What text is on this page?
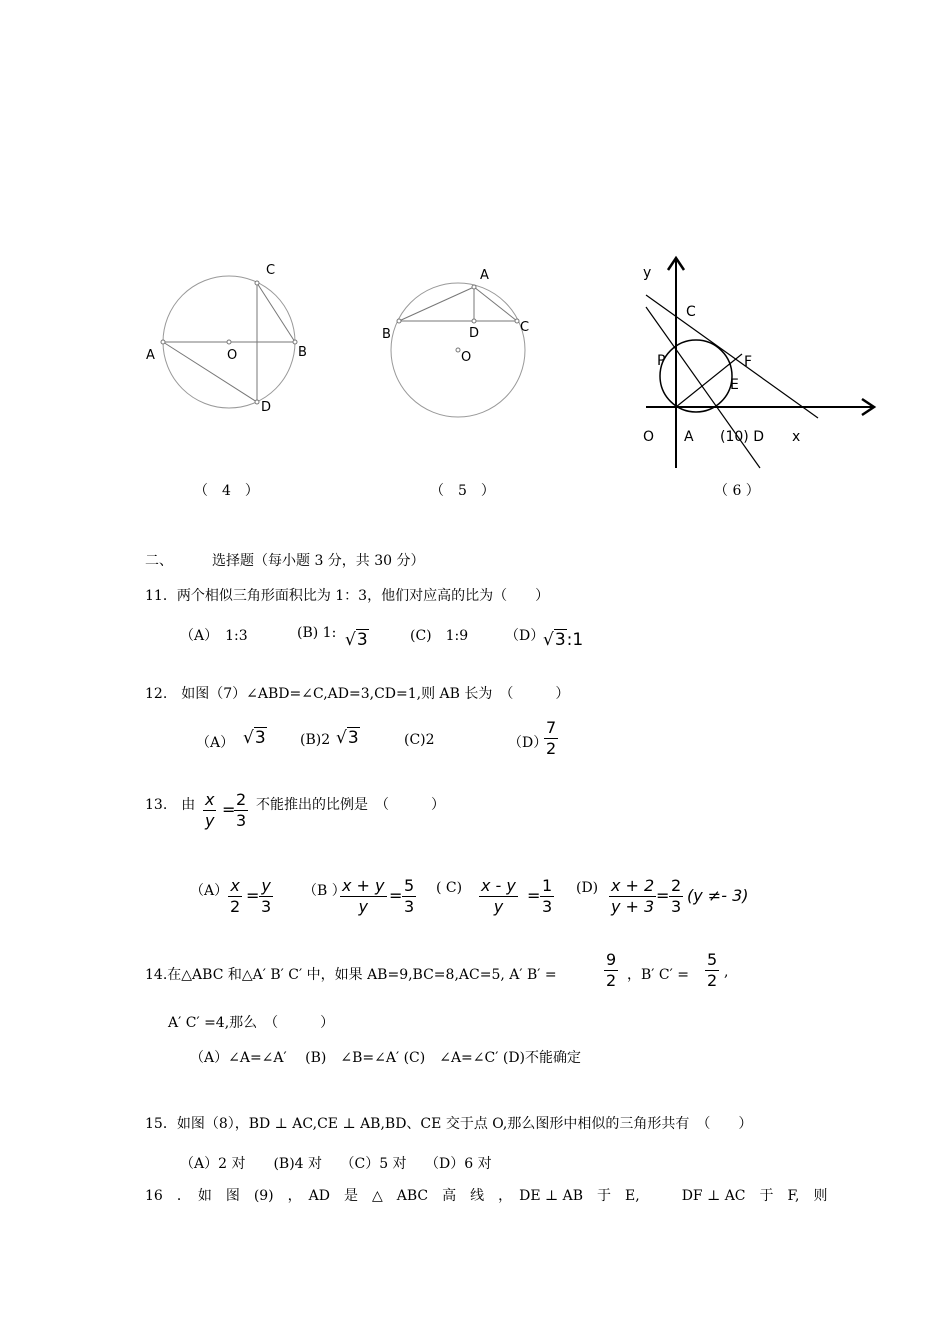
C
A	O	B
D
（　4　）
A
B	D	C
O
（　5　）
y
C
P	F
E
O A (10) D x
（ 6 ）
二、	选择题（每小题 3 分，共 30 分）
11．两个相似三角形面积比为 1：3，他们对应高的比为（　　）
（A）　1:3	(B) 1: √3	(C)　1:9	（D）
√3:1
12.　如图（7）∠ABD=∠C,AD=3,CD=1,则 AB 长为　（　　　）
（A） √3 (B)2 √3	(C)2	（D）
$\frac{7}{2}$
13.　由 $\frac{x}{y}$ =
$\frac{2}{3}$ 不能推出的比例是　（　　　）
$(A) \frac{x}{2} = \frac{y}{3} (B$ ）
$\frac{x + y}{y} = \frac{5}{3}$ ( $C) \frac{x - y}{y} = \frac{1}{3} (D) \frac{x + 2}{y + 3} = \frac{2}{3} (y \ne- 3)$
14.在△ABC 和△A′ B′ C′ 中，如果 AB=9,BC=8,AC=5, A′ B′ =	$\frac{9}{2}$ ，B′ $C' = \frac{5}{2}$ ,
A′ C′ =4,那么　（　　　）
（A）∠A=∠A′　 (B)　∠B=∠A′ (C)　∠A=∠C′ (D)不能确定
15．如图（8），BD ⊥ AC,CE ⊥ AB,BD、CE 交于点 O,那么图形中相似的三角形共有　（　　）
（A）2 对　　(B)4 对　 （C）5 对　 （D）6 对
16　．　如　图　(9)　，　AD　是　△　ABC　高　线　，　DE ⊥ AB　于　E,　　　DF ⊥ AC　于　F,　则
